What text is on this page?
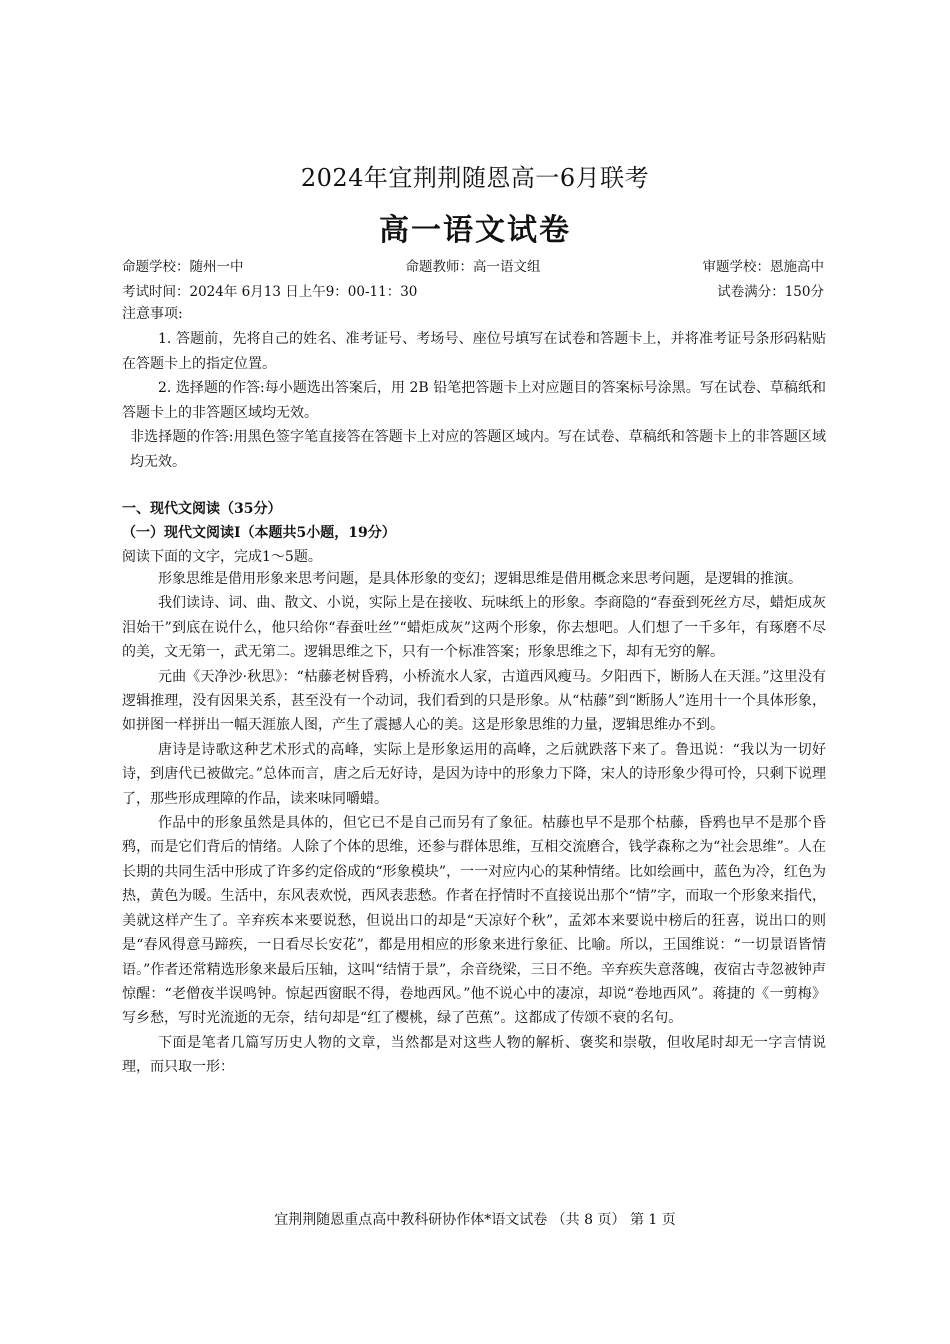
2024年宜荆荆随恩高一6月联考
高一语文试卷
命题学校：随州一中	命题教师：高一语文组	审题学校：恩施高中
考试时间：2024年 6月13 日上午9：00-11：30	试卷满分：150分
注意事项:

1. 答题前，先将自己的姓名、准考证号、考场号、座位号填写在试卷和答题卡上，并将准考证号条形码粘贴在答题卡上的指定位置。

2. 选择题的作答:每小题选出答案后，用 2B 铅笔把答题卡上对应题目的答案标号涂黑。写在试卷、草稿纸和答题卡上的非答题区域均无效。

非选择题的作答:用黑色签字笔直接答在答题卡上对应的答题区域内。写在试卷、草稿纸和答题卡上的非答题区域均无效。

一、现代文阅读（35分）
（一）现代文阅读I（本题共5小题，19分）
阅读下面的文字，完成1～5题。

形象思维是借用形象来思考问题，是具体形象的变幻；逻辑思维是借用概念来思考问题，是逻辑的推演。

我们读诗、词、曲、散文、小说，实际上是在接收、玩味纸上的形象。李商隐的“春蚕到死丝方尽，蜡炬成灰泪始干”到底在说什么，他只给你“春蚕吐丝”“蜡炬成灰”这两个形象，你去想吧。人们想了一千多年，有琢磨不尽的美，文无第一，武无第二。逻辑思维之下，只有一个标准答案；形象思维之下，却有无穷的解。

元曲《天净沙·秋思》：“枯藤老树昏鸦，小桥流水人家，古道西风瘦马。夕阳西下，断肠人在天涯。”这里没有逻辑推理，没有因果关系，甚至没有一个动词，我们看到的只是形象。从“枯藤”到“断肠人”连用十一个具体形象，如拼图一样拼出一幅天涯旅人图，产生了震撼人心的美。这是形象思维的力量，逻辑思维办不到。

唐诗是诗歌这种艺术形式的高峰，实际上是形象运用的高峰，之后就跌落下来了。鲁迅说：“我以为一切好诗，到唐代已被做完。”总体而言，唐之后无好诗，是因为诗中的形象力下降，宋人的诗形象少得可怜，只剩下说理了，那些形成理障的作品，读来味同嚼蜡。

作品中的形象虽然是具体的，但它已不是自己而另有了象征。枯藤也早不是那个枯藤，昏鸦也早不是那个昏鸦，而是它们背后的情绪。人除了个体的思维，还参与群体思维，互相交流磨合，钱学森称之为“社会思维”。人在长期的共同生活中形成了许多约定俗成的“形象模块”，一一对应内心的某种情绪。比如绘画中，蓝色为冷，红色为热，黄色为暖。生活中，东风表欢悦，西风表悲愁。作者在抒情时不直接说出那个“情”字，而取一个形象来指代，美就这样产生了。辛弃疾本来要说愁，但说出口的却是“天凉好个秋”，孟郊本来要说中榜后的狂喜，说出口的则是“春风得意马蹄疾，一日看尽长安花”，都是用相应的形象来进行象征、比喻。所以，王国维说：“一切景语皆情语。”作者还常精选形象来最后压轴，这叫“结情于景”，余音绕梁，三日不绝。辛弃疾失意落魄，夜宿古寺忽被钟声惊醒：“老僧夜半误鸣钟。惊起西窗眠不得，卷地西风。”他不说心中的凄凉，却说“卷地西风”。蒋捷的《一剪梅》写乡愁，写时光流逝的无奈，结句却是“红了樱桃，绿了芭蕉”。这都成了传颂不衰的名句。

下面是笔者几篇写历史人物的文章，当然都是对这些人物的解析、褒奖和崇敬，但收尾时却无一字言情说理，而只取一形：

宜荆荆随恩重点高中教科研协作体*语文试卷 （共 8 页） 第 1 页
